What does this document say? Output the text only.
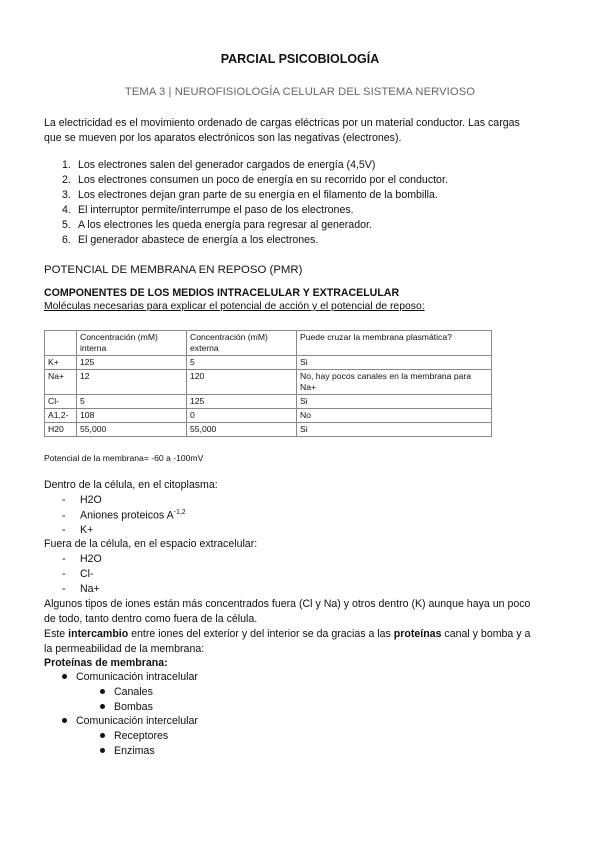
PARCIAL PSICOBIOLOGÍA
TEMA 3 | NEUROFISIOLOGÍA CELULAR DEL SISTEMA NERVIOSO
La electricidad es el movimiento ordenado de cargas eléctricas por un material conductor. Las cargas
que se mueven por los aparatos electrónicos son las negativas (electrones).
1. Los electrones salen del generador cargados de energía (4,5V)
2. Los electrones consumen un poco de energía en su recorrido por el conductor.
3. Los electrones dejan gran parte de su energía en el filamento de la bombilla.
4. El interruptor permite/interrumpe el paso de los electrones.
5. A los electrones les queda energía para regresar al generador.
6. El generador abastece de energía a los electrones.
POTENCIAL DE MEMBRANA EN REPOSO (PMR)
COMPONENTES DE LOS MEDIOS INTRACELULAR Y EXTRACELULAR
Moléculas necesarias para explicar el potencial de acción y el potencial de reposo:
	Concentración (mM) interna	Concentración (mM) externa	Puede cruzar la membrana plasmática?
K+	125	5	Si
Na+	12	120	No, hay pocos canales en la membrana para Na+
Cl-	5	125	Si
A1,2-	108	0	No
H20	55,000	55,000	Si
Potencial de la membrana= -60 a -100mV
Dentro de la célula, en el citoplasma:
- H2O
- Aniones proteicos $A^{-1,2}$
- K+
Fuera de la célula, en el espacio extracelular:
- H2O
- Cl-
- Na+
Algunos tipos de iones están más concentrados fuera (Cl y Na) y otros dentro (K) aunque haya un poco
de todo, tanto dentro como fuera de la célula.
Este intercambio entre iones del exterior y del interior se da gracias a las proteínas canal y bomba y a
la permeabilidad de la membrana:
Proteínas de membrana:
Comunicación intracelular
Canales
Bombas
Comunicación intercelular
Receptores
Enzimas
